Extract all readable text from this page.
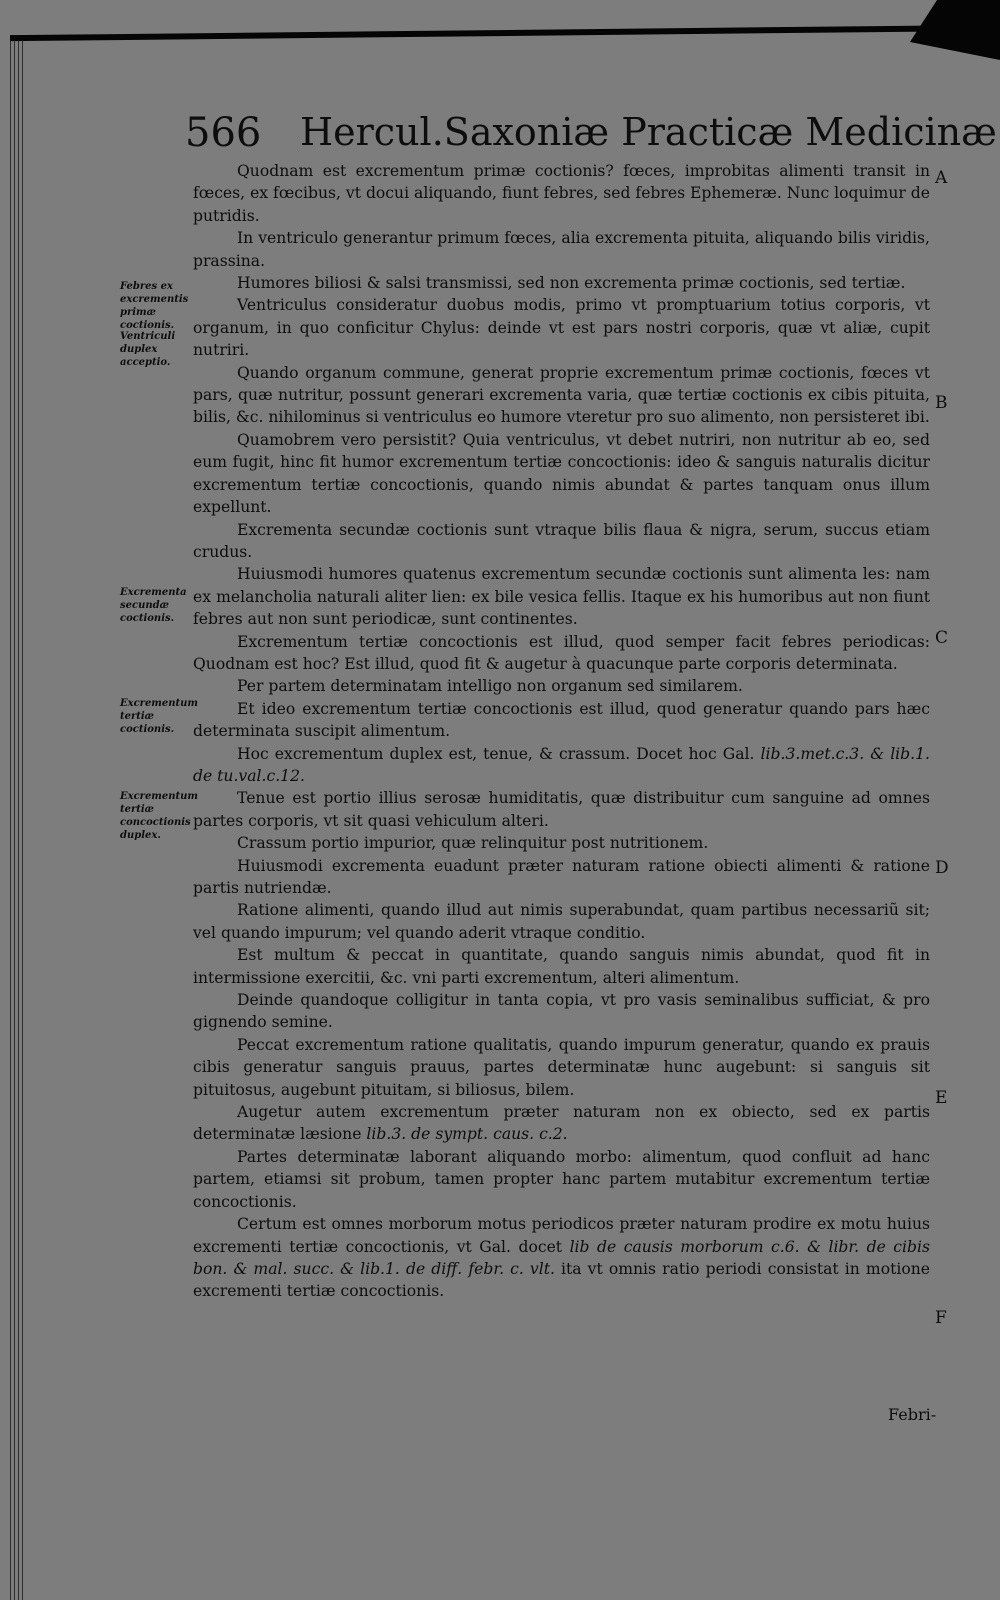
566 Hercul.Saxoniæ Practicæ Medicinæ

Quodnam est excrementum primæ coctionis? fœces, improbitas alimenti transit in fœces, ex fœcibus, vt docui aliquando, fiunt febres, sed febres Ephemeræ. Nunc loquimur de putridis.

In ventriculo generantur primum fœces, alia excrementa pituita, aliquando bilis viridis, prassina.

Humores biliosi & salsi transmissi, sed non excrementa primæ coctionis, sed tertiæ.

Ventriculus consideratur duobus modis, primo vt promptuarium totius corporis, vt organum, in quo conficitur Chylus: deinde vt est pars nostri corporis, quæ vt aliæ, cupit nutriri.

Quando organum commune, generat proprie excrementum primæ coctionis, fœces vt pars, quæ nutritur, possunt generari excrementa varia, quæ tertiæ coctionis ex cibis pituita, bilis, &c. nihilominus si ventriculus eo humore vteretur pro suo alimento, non persisteret ibi.

Quamobrem vero persistit? Quia ventriculus, vt debet nutriri, non nutritur ab eo, sed eum fugit, hinc fit humor excrementum tertiæ concoctionis: ideo & sanguis naturalis dicitur excrementum tertiæ concoctionis, quando nimis abundat & partes tanquam onus illum expellunt.

Excrementa secundæ coctionis sunt vtraque bilis flaua & nigra, serum, succus etiam crudus.

Huiusmodi humores quatenus excrementum secundæ coctionis sunt alimenta les: nam ex melancholia naturali aliter lien: ex bile vesica fellis. Itaque ex his humoribus aut non fiunt febres aut non sunt periodicæ, sunt continentes.

Excrementum tertiæ concoctionis est illud, quod semper facit febres periodicas: Quodnam est hoc? Est illud, quod fit & augetur à quacunque parte corporis determinata.

Per partem determinatam intelligo non organum sed similarem.

Et ideo excrementum tertiæ concoctionis est illud, quod generatur quando pars hæc determinata suscipit alimentum.

Hoc excrementum duplex est, tenue, & crassum. Docet hoc Gal. lib.3.met.c.3. & lib.1. de tu.val.c.12.

Tenue est portio illius serosæ humiditatis, quæ distribuitur cum sanguine ad omnes partes corporis, vt sit quasi vehiculum alteri.

Crassum portio impurior, quæ relinquitur post nutritionem.

Huiusmodi excrementa euadunt præter naturam ratione obiecti alimenti & ratione partis nutriendæ.

Ratione alimenti, quando illud aut nimis superabundat, quam partibus necessariũ sit; vel quando impurum; vel quando aderit vtraque conditio.

Est multum & peccat in quantitate, quando sanguis nimis abundat, quod fit in intermissione exercitii, &c. vni parti excrementum, alteri alimentum.

Deinde quandoque colligitur in tanta copia, vt pro vasis seminalibus sufficiat, & pro gignendo semine.

Peccat excrementum ratione qualitatis, quando impurum generatur, quando ex prauis cibis generatur sanguis prauus, partes determinatæ hunc augebunt: si sanguis sit pituitosus, augebunt pituitam, si biliosus, bilem.

Augetur autem excrementum præter naturam non ex obiecto, sed ex partis determinatæ læsione lib.3. de sympt. caus. c.2.

Partes determinatæ laborant aliquando morbo: alimentum, quod confluit ad hanc partem, etiamsi sit probum, tamen propter hanc partem mutabitur excrementum tertiæ concoctionis.

Certum est omnes morborum motus periodicos præter naturam prodire ex motu huius excrementi tertiæ concoctionis, vt Gal. docet lib de causis morborum c.6. & libr. de cibis bon. & mal. succ. & lib.1. de diff. febr. c. vlt. ita vt omnis ratio periodi consistat in motione excrementi tertiæ concoctionis.

Febres ex excrementis primæ coctionis.
Ventriculi duplex acceptio.
Excrementa secundæ coctionis.
Excrementum tertiæ coctionis.
Excrementum tertiæ concoctionis duplex.
A
B
C
D
E
F
Febri-
